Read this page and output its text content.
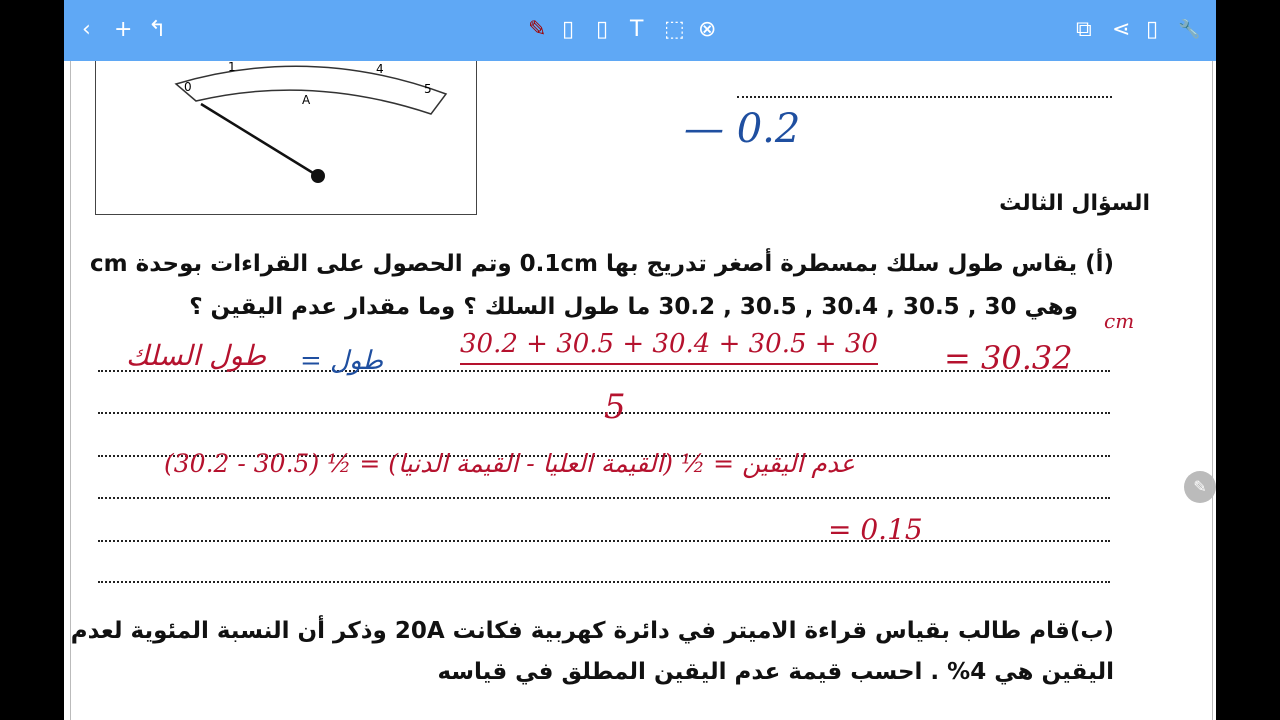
‹ + ↰	✎ ▯ ▯ T ⬚ ⊗	⧉ ⋖ ▯ 🔧
0
1	4
5
A
— 0.2
السؤال الثالث
(أ) يقاس طول سلك بمسطرة أصغر تدريج بها 0.1cm وتم الحصول على القراءات بوحدة cm
وهي 30 , 30.5 , 30.4 , 30.5 , 30.2 ما طول السلك ؟ وما مقدار عدم اليقين ؟
طول السلك طول =
30.2 + 30.5 + 30.4 + 30.5 + 30
5
= 30.32
cm
عدم اليقين = ½ (القيمة العليا - القيمة الدنيا) = ½ (30.5 - 30.2)
= 0.15
(ب)قام طالب بقياس قراءة الاميتر في دائرة كهربية فكانت 20A وذكر أن النسبة المئوية لعدم
اليقين هي 4% . احسب قيمة عدم اليقين المطلق في قياسه
✎
